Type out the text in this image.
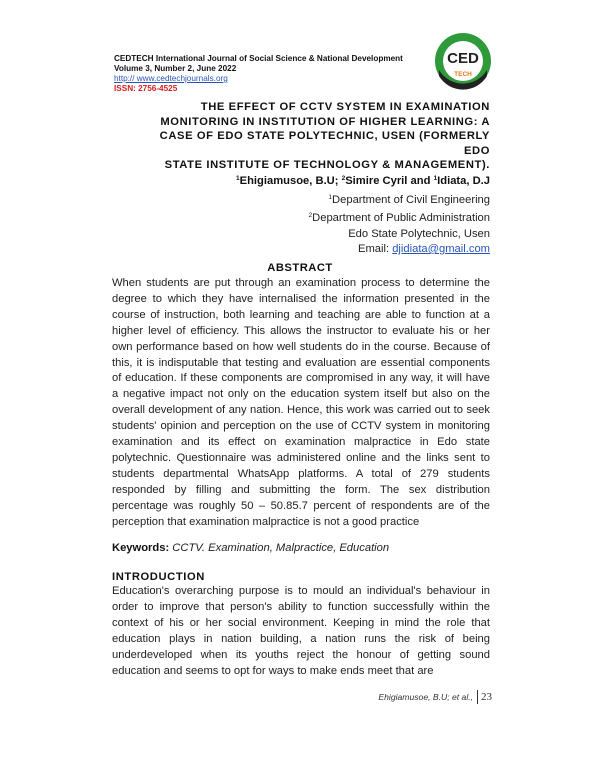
CEDTECH International Journal of Social Science & National Development
Volume 3, Number 2, June 2022
http:// www.cedtechjournals.org
ISSN: 2756-4525
CED
TECH
THE EFFECT OF CCTV SYSTEM IN EXAMINATION
MONITORING IN INSTITUTION OF HIGHER LEARNING: A
CASE OF EDO STATE POLYTECHNIC, USEN (FORMERLY EDO
STATE INSTITUTE OF TECHNOLOGY & MANAGEMENT).
$^1$Ehigiamusoe, B.U; $^2$Simire Cyril and $^1$Idiata, D.J
$^1$Department of Civil Engineering
$^2$Department of Public Administration
Edo State Polytechnic, Usen
Email: djidiata@gmail.com
ABSTRACT
When students are put through an examination process to determine the degree to which they have internalised the information presented in the course of instruction, both learning and teaching are able to function at a higher level of efficiency. This allows the instructor to evaluate his or her own performance based on how well students do in the course. Because of this, it is indisputable that testing and evaluation are essential components of education. If these components are compromised in any way, it will have a negative impact not only on the education system itself but also on the overall development of any nation. Hence, this work was carried out to seek students' opinion and perception on the use of CCTV system in monitoring examination and its effect on examination malpractice in Edo state polytechnic. Questionnaire was administered online and the links sent to students departmental WhatsApp platforms. A total of 279 students responded by filling and submitting the form. The sex distribution percentage was roughly 50 – 50.85.7 percent of respondents are of the perception that examination malpractice is not a good practice
Keywords: CCTV. Examination, Malpractice, Education
INTRODUCTION
Education's overarching purpose is to mould an individual's behaviour in order to improve that person's ability to function successfully within the context of his or her social environment. Keeping in mind the role that education plays in nation building, a nation runs the risk of being underdeveloped when its youths reject the honour of getting sound education and seems to opt for ways to make ends meet that are
Ehigiamusoe, B.U; et al., 23
